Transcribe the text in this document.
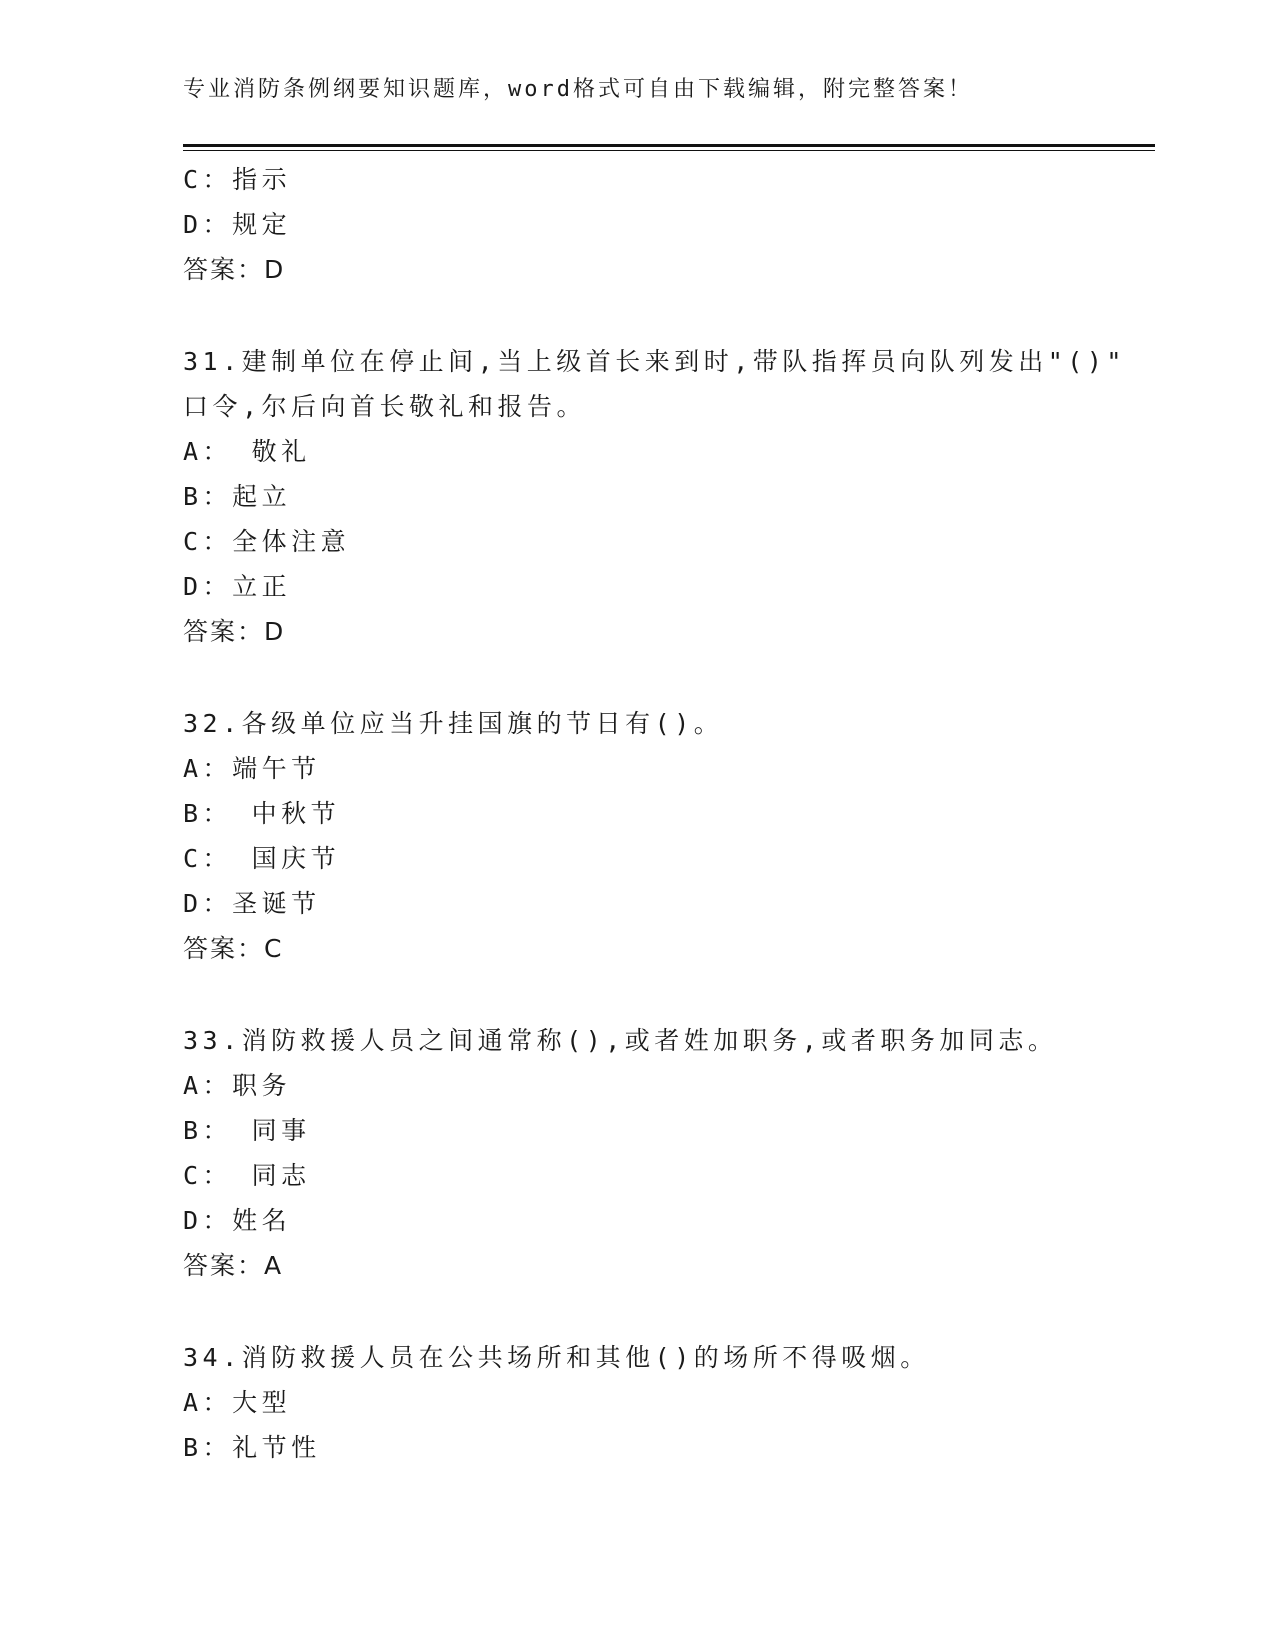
专业消防条例纲要知识题库，word格式可自由下载编辑，附完整答案！
C：指示
D：规定
答案：D
31.建制单位在停止间,当上级首长来到时,带队指挥员向队列发出"()"
口令,尔后向首长敬礼和报告。
A： 敬礼
B：起立
C：全体注意
D：立正
答案：D
32.各级单位应当升挂国旗的节日有()。
A：端午节
B： 中秋节
C： 国庆节
D：圣诞节
答案：C
33.消防救援人员之间通常称(),或者姓加职务,或者职务加同志。
A：职务
B： 同事
C： 同志
D：姓名
答案：A
34.消防救援人员在公共场所和其他()的场所不得吸烟。
A：大型
B：礼节性
